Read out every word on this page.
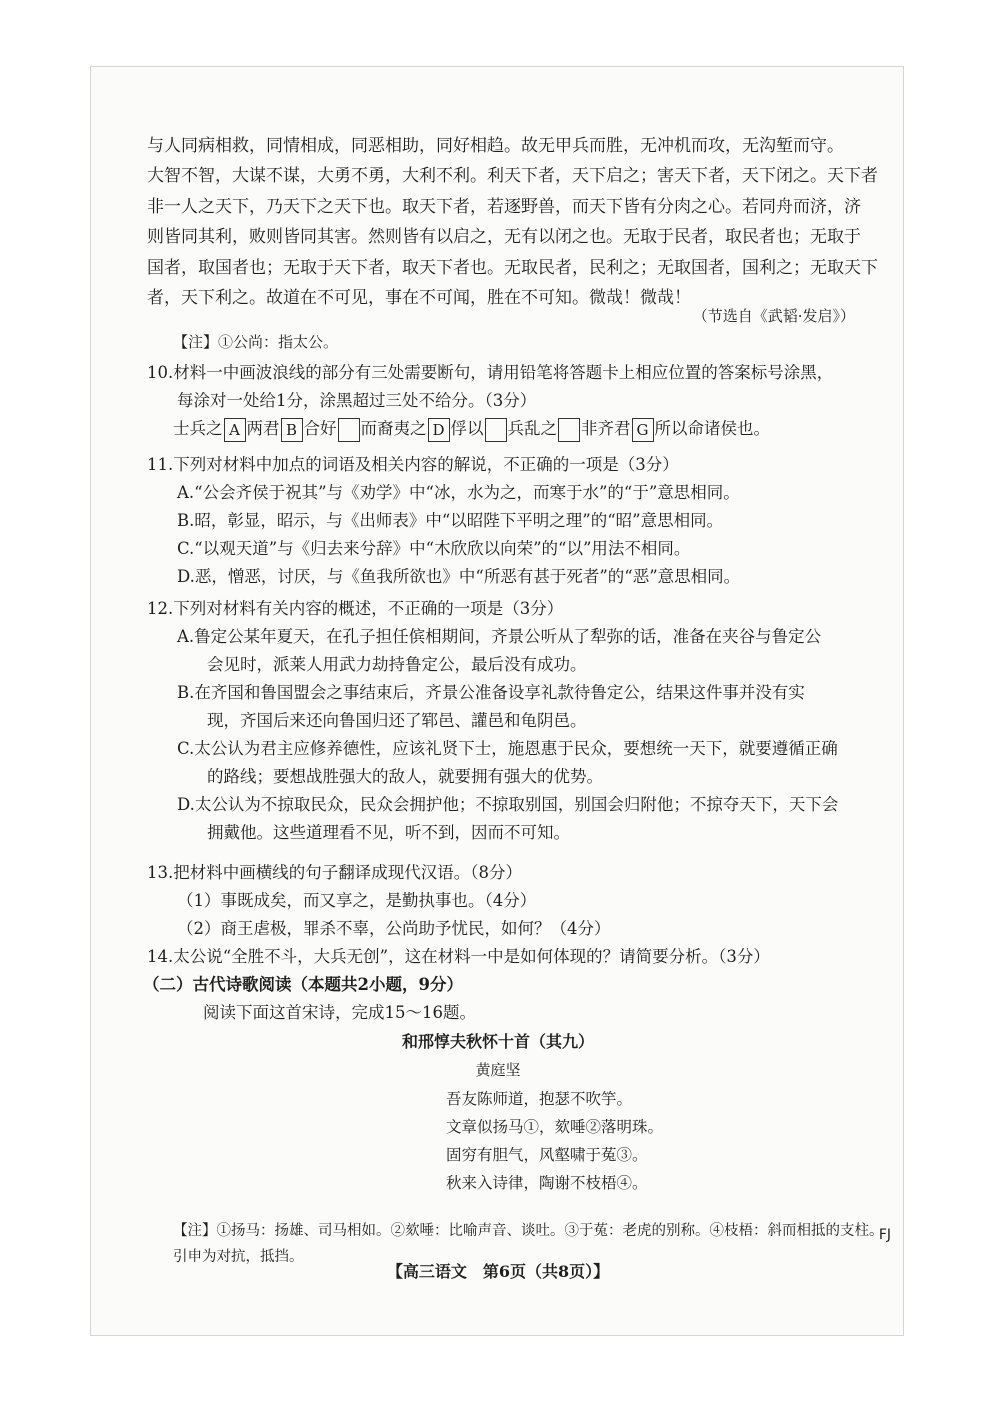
与人同病相救，同情相成，同恶相助，同好相趋。故无甲兵而胜，无冲机而攻，无沟堑而守。
大智不智，大谋不谋，大勇不勇，大利不利。利天下者，天下启之；害天下者，天下闭之。天下者
非一人之天下，乃天下之天下也。取天下者，若逐野兽，而天下皆有分肉之心。若同舟而济，济
则皆同其利，败则皆同其害。然则皆有以启之，无有以闭之也。无取于民者，取民者也；无取于
国者，取国者也；无取于天下者，取天下者也。无取民者，民利之；无取国者，国利之；无取天下
者，天下利之。故道在不可见，事在不可闻，胜在不可知。微哉！微哉！
（节选自《武韬·发启》）
【注】①公尚：指太公。
10.材料一中画波浪线的部分有三处需要断句，请用铅笔将答题卡上相应位置的答案标号涂黑，
每涂对一处给1分，涂黑超过三处不给分。（3分）
士兵之 A 两君 B 合好 而裔夷之 D 俘以 兵乱之 非齐君 G 所以命诸侯也。
11.下列对材料中加点的词语及相关内容的解说，不正确的一项是（3分）
A.“公会齐侯于祝其”与《劝学》中“冰，水为之，而寒于水”的“于”意思相同。
B.昭，彰显，昭示，与《出师表》中“以昭陛下平明之理”的“昭”意思相同。
C.“以观天道”与《归去来兮辞》中“木欣欣以向荣”的“以”用法不相同。
D.恶，憎恶，讨厌，与《鱼我所欲也》中“所恶有甚于死者”的“恶”意思相同。
12.下列对材料有关内容的概述，不正确的一项是（3分）
A.鲁定公某年夏天，在孔子担任傧相期间，齐景公听从了犁弥的话，准备在夹谷与鲁定公
会见时，派莱人用武力劫持鲁定公，最后没有成功。
B.在齐国和鲁国盟会之事结束后，齐景公准备设享礼款待鲁定公，结果这件事并没有实
现，齐国后来还向鲁国归还了郓邑、讙邑和龟阴邑。
C.太公认为君主应修养德性，应该礼贤下士，施恩惠于民众，要想统一天下，就要遵循正确
的路线；要想战胜强大的敌人，就要拥有强大的优势。
D.太公认为不掠取民众，民众会拥护他；不掠取别国，别国会归附他；不掠夺天下，天下会
拥戴他。这些道理看不见，听不到，因而不可知。
13.把材料中画横线的句子翻译成现代汉语。（8分）
（1）事既成矣，而又享之，是勤执事也。（4分）
（2）商王虐极，罪杀不辜，公尚助予忧民，如何？（4分）
14.太公说“全胜不斗，大兵无创”，这在材料一中是如何体现的？请简要分析。（3分）
（二）古代诗歌阅读（本题共2小题，9分）
阅读下面这首宋诗，完成15～16题。
和邢惇夫秋怀十首（其九）
黄庭坚
吾友陈师道，抱瑟不吹竽。
文章似扬马①，欬唾②落明珠。
固穷有胆气，风壑啸于菟③。
秋来入诗律，陶谢不枝梧④。
【注】①扬马：扬雄、司马相如。②欬唾：比喻声音、谈吐。③于菟：老虎的别称。④枝梧：斜而相抵的支柱。
引申为对抗，抵挡。
FJ
【高三语文　第6页（共8页）】
